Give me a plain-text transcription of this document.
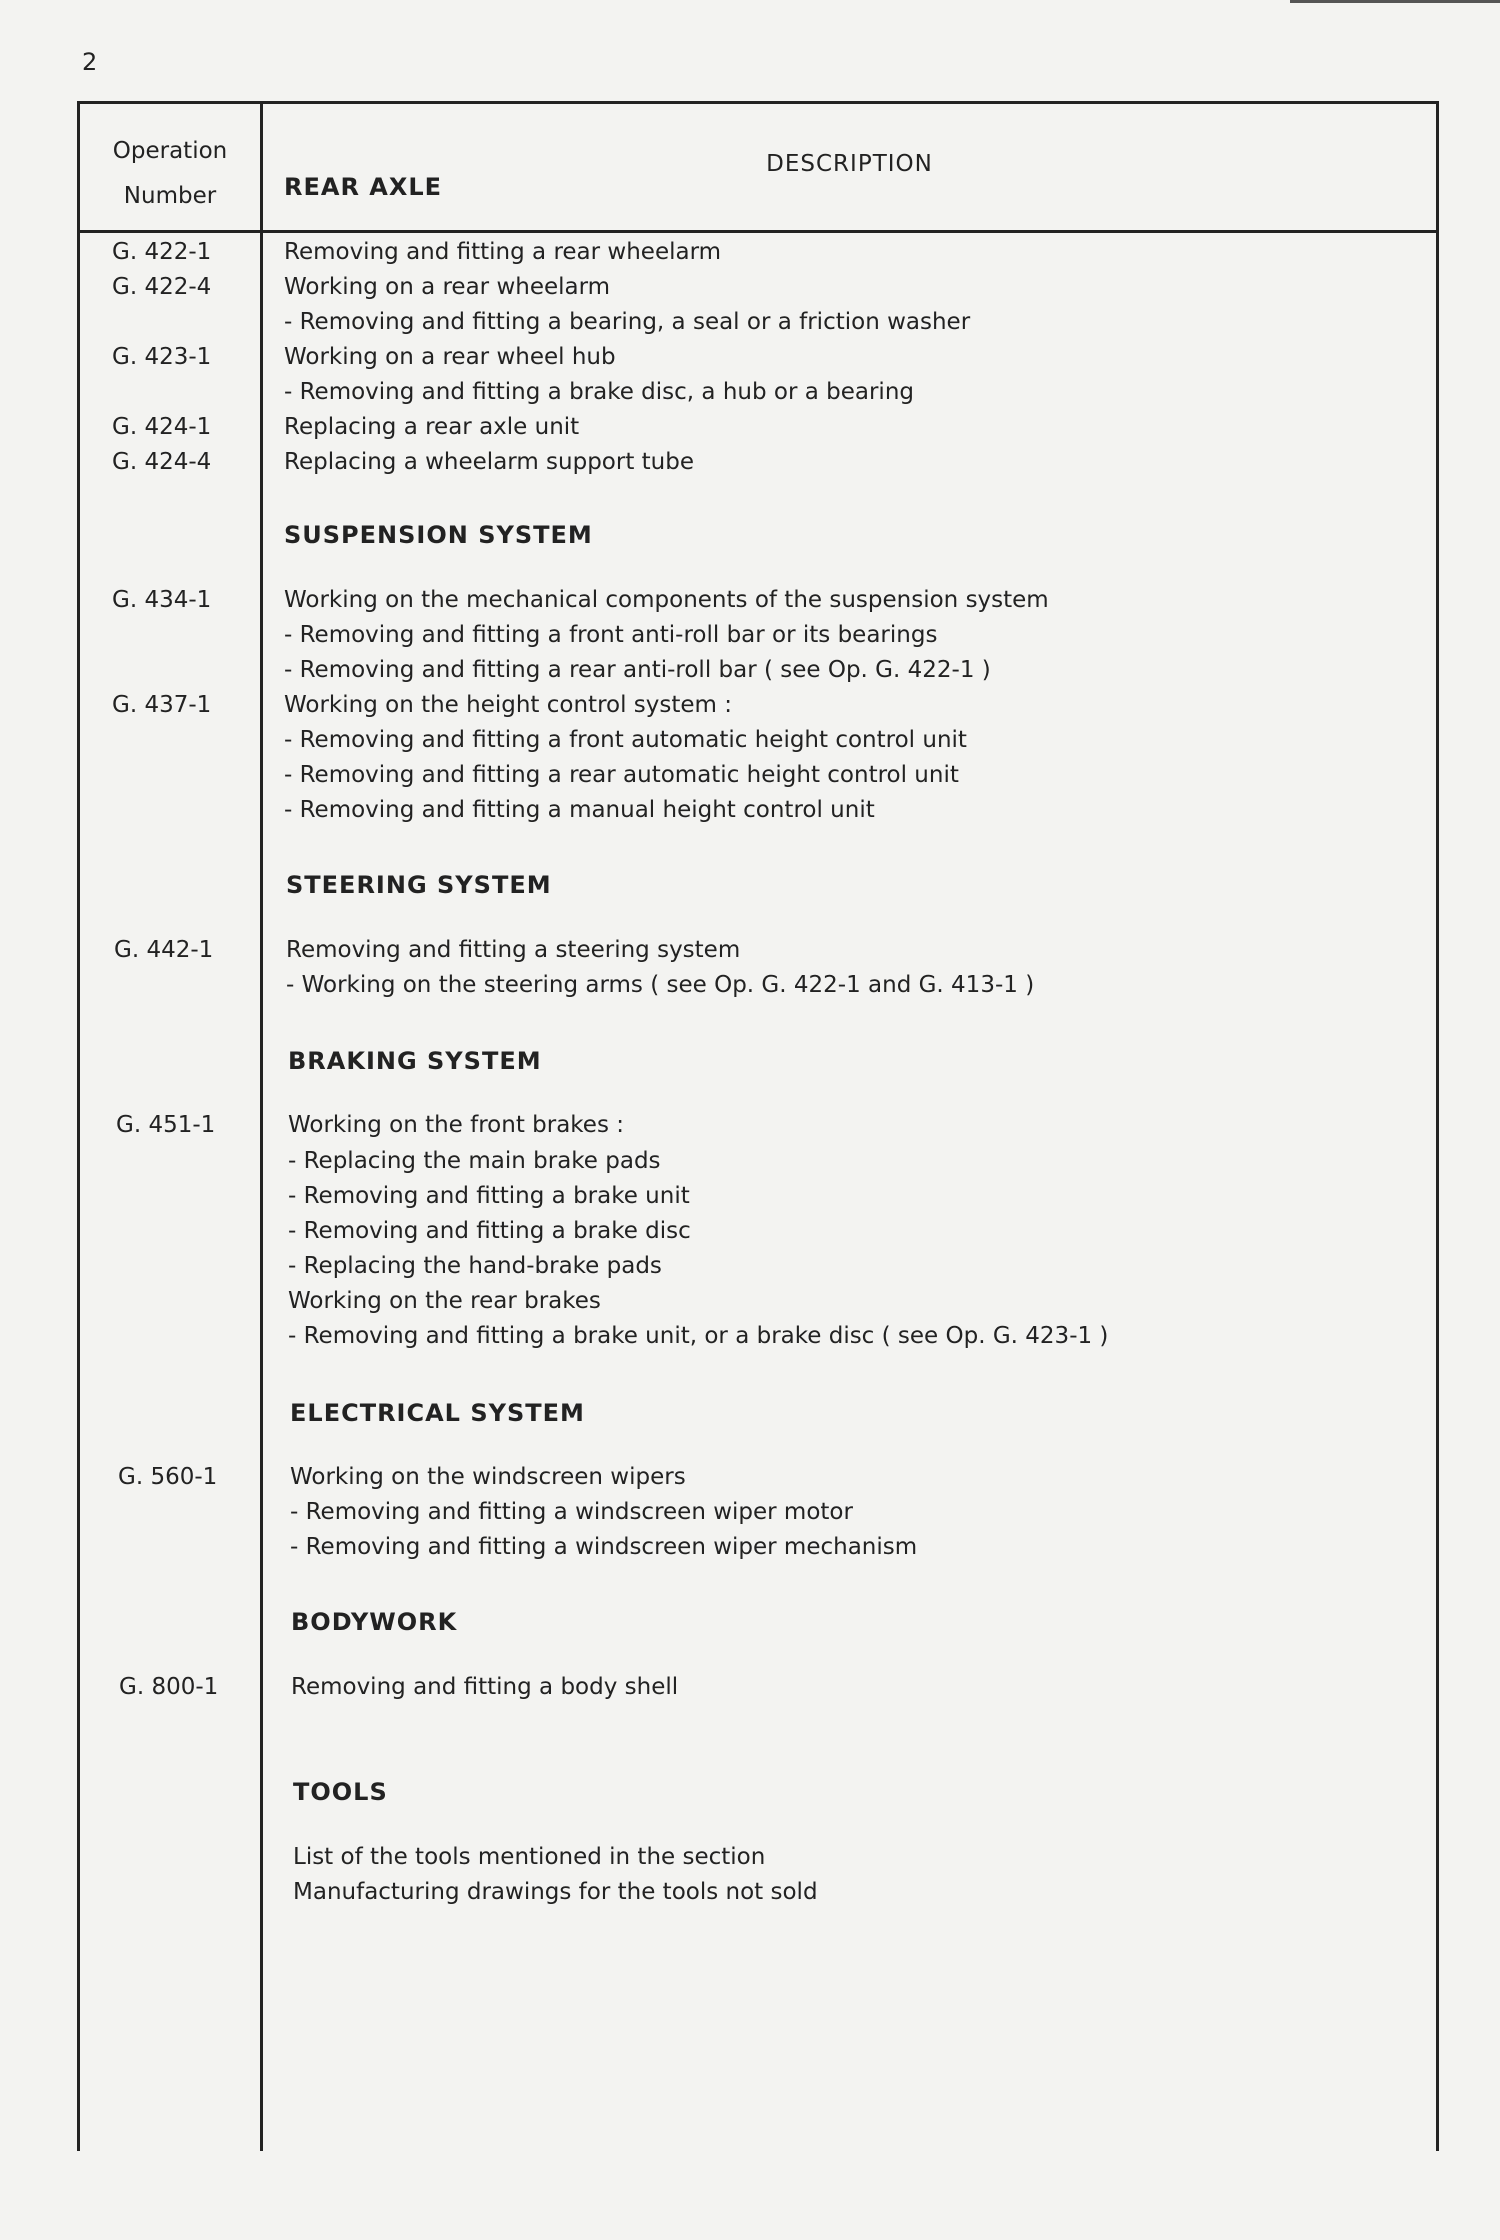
2
Operation
Number
DESCRIPTION
REAR AXLE
G. 422-1	Removing and fitting a rear wheelarm
G. 422-4	Working on a rear wheelarm
- Removing and fitting a bearing, a seal or a friction washer
G. 423-1	Working on a rear wheel hub
- Removing and fitting a brake disc, a hub or a bearing
G. 424-1	Replacing a rear axle unit
G. 424-4	Replacing a wheelarm support tube
SUSPENSION SYSTEM
G. 434-1	Working on the mechanical components of the suspension system
- Removing and fitting a front anti-roll bar or its bearings
- Removing and fitting a rear anti-roll bar ( see Op. G. 422-1 )
G. 437-1	Working on the height control system :
- Removing and fitting a front automatic height control unit
- Removing and fitting a rear automatic height control unit
- Removing and fitting a manual height control unit
STEERING SYSTEM
G. 442-1	Removing and fitting a steering system
- Working on the steering arms ( see Op. G. 422-1 and G. 413-1 )
BRAKING SYSTEM
G. 451-1	Working on the front brakes :
- Replacing the main brake pads
- Removing and fitting a brake unit
- Removing and fitting a brake disc
- Replacing the hand-brake pads
Working on the rear brakes
- Removing and fitting a brake unit, or a brake disc ( see Op. G. 423-1 )
ELECTRICAL SYSTEM
G. 560-1	Working on the windscreen wipers
- Removing and fitting a windscreen wiper motor
- Removing and fitting a windscreen wiper mechanism
BODYWORK
G. 800-1	Removing and fitting a body shell
TOOLS
List of the tools mentioned in the section
Manufacturing drawings for the tools not sold
